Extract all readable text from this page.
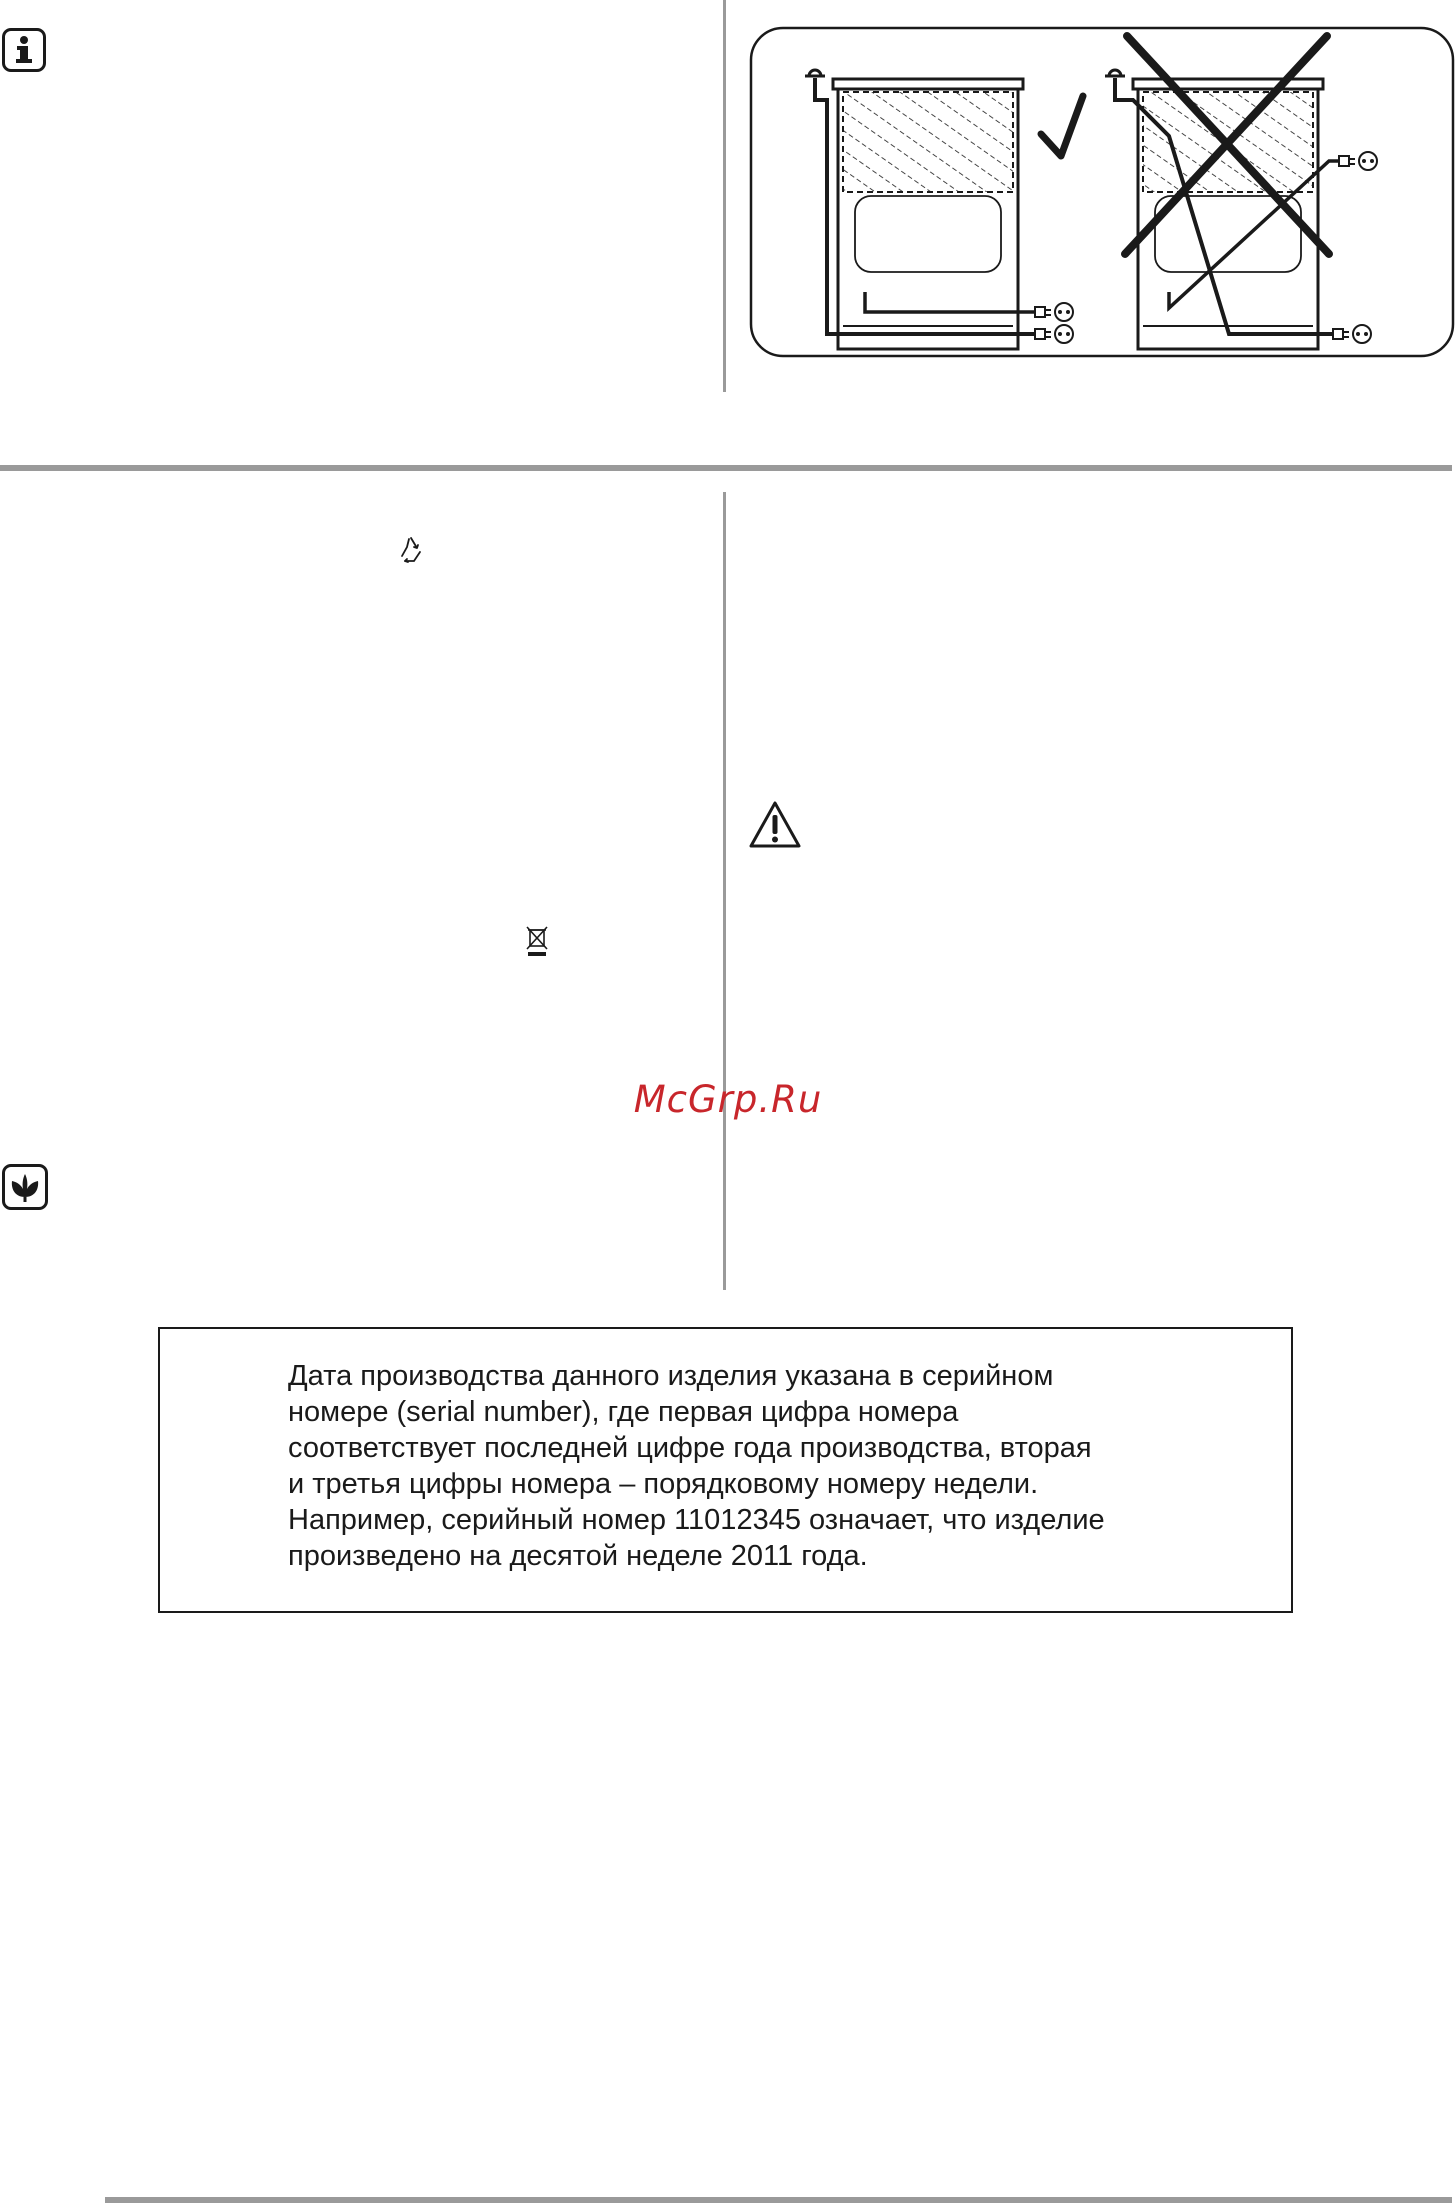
McGrp.Ru
Дата производства данного изделия указана в серийном
номере (serial number), где первая цифра номера
соответствует последней цифре года производства, вторая
и третья цифры номера – порядковому номеру недели.
Например, серийный номер 11012345 означает, что изделие
произведено на десятой неделе 2011 года.
